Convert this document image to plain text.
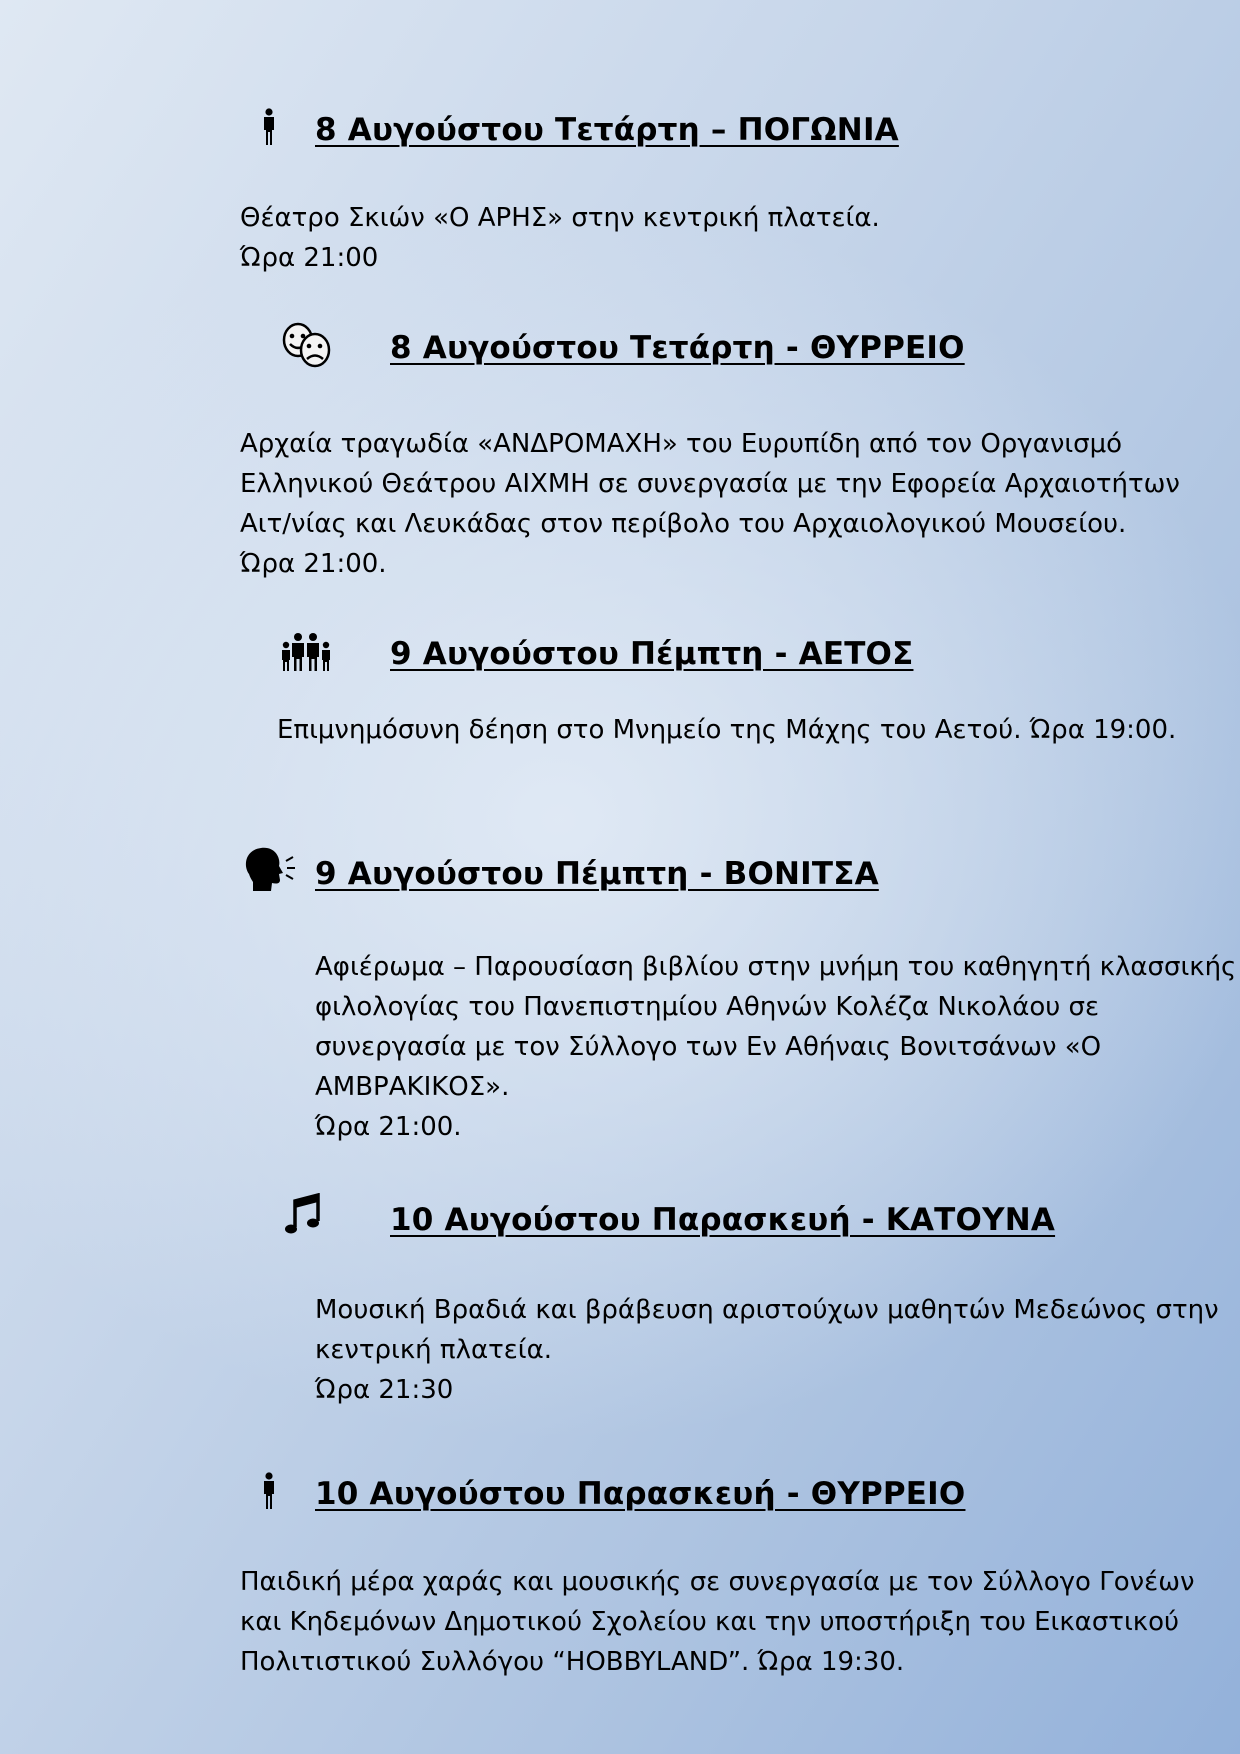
8 Αυγούστου Τετάρτη – ΠΟΓΩΝΙΑ

Θέατρο Σκιών «Ο ΑΡΗΣ» στην κεντρική πλατεία.
Ώρα 21:00

8 Αυγούστου Τετάρτη - ΘΥΡΡΕΙΟ

Αρχαία τραγωδία «ΑΝΔΡΟΜΑΧΗ» του Ευρυπίδη από τον Οργανισμό
Ελληνικού Θεάτρου ΑΙΧΜΗ σε συνεργασία με την Εφορεία Αρχαιοτήτων
Αιτ/νίας και Λευκάδας στον περίβολο του Αρχαιολογικού Μουσείου.
Ώρα 21:00.

9 Αυγούστου Πέμπτη - ΑΕΤΟΣ

Επιμνημόσυνη δέηση στο Μνημείο της Μάχης του Αετού. Ώρα 19:00.

9 Αυγούστου Πέμπτη - ΒΟΝΙΤΣΑ

Αφιέρωμα – Παρουσίαση βιβλίου στην μνήμη του καθηγητή κλασσικής
φιλολογίας του Πανεπιστημίου Αθηνών Κολέζα Νικολάου σε
συνεργασία με τον Σύλλογο των Εν Αθήναις Βονιτσάνων «Ο
ΑΜΒΡΑΚΙΚΟΣ».
Ώρα 21:00.

10 Αυγούστου Παρασκευή - ΚΑΤΟΥΝΑ

Μουσική Βραδιά και βράβευση αριστούχων μαθητών Μεδεώνος στην
κεντρική πλατεία.
Ώρα 21:30

10 Αυγούστου Παρασκευή - ΘΥΡΡΕΙΟ

Παιδική μέρα χαράς και μουσικής σε συνεργασία με τον Σύλλογο Γονέων
και Κηδεμόνων Δημοτικού Σχολείου και την υποστήριξη του Εικαστικού
Πολιτιστικού Συλλόγου “HOBBYLAND”. Ώρα 19:30.
